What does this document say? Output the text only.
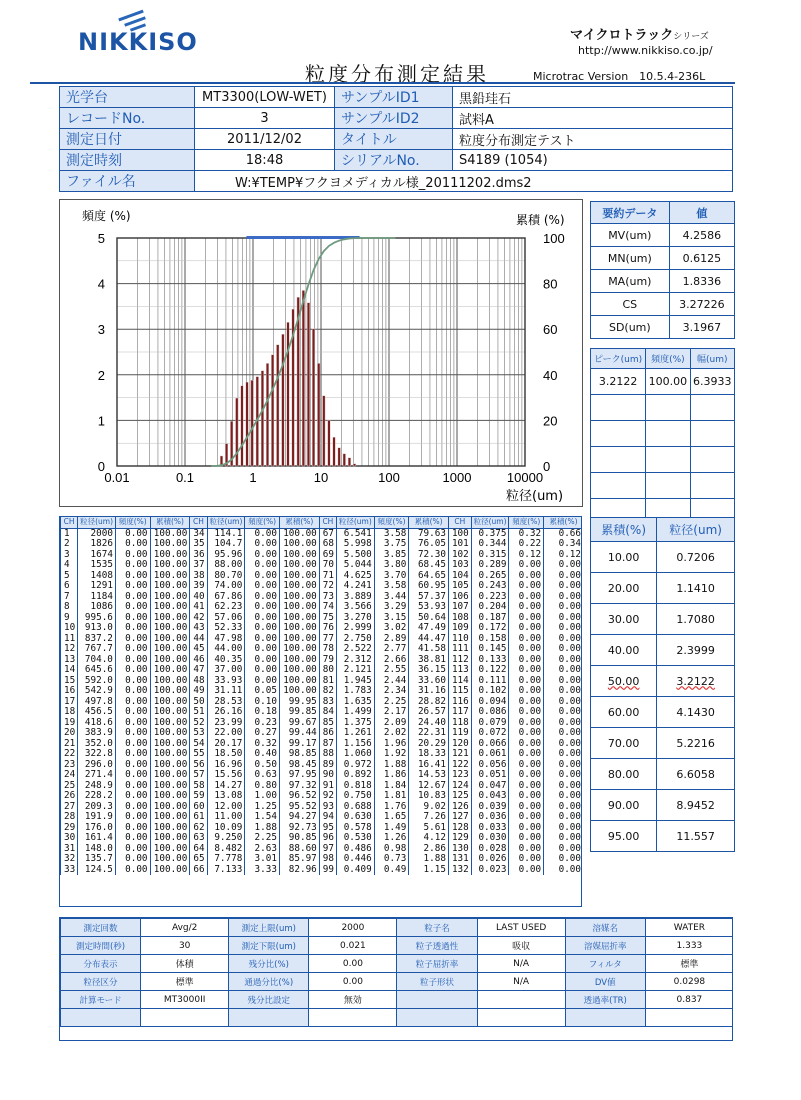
NIKKISO	マイクロトラックシリーズ
http://www.nikkiso.co.jp/
粒度分布測定結果	Microtrac Version　10.5.4-236L
光学台	MT3300(LOW-WET)	サンプルID1	黒鉛珪石
レコードNo.	3	サンプルID2	試料A
測定日付	2011/12/02	タイトル	粒度分布測定テスト
測定時刻	18:48	シリアルNo.	S4189 (1054)
ファイル名	W:¥TEMP¥フクヨメディカル様_20111202.dms2		
0.01	0.1	1	10	100	1000	10000
0
1
2
3
4
5
0
20
40
60
80
100
頻度 (%)	累積 (%)
粒径(um)
要約データ	値
MV(um)	4.2586
MN(um)	0.6125
MA(um)	1.8336
CS	3.27226
SD(um)	3.1967
ピーク(um)	頻度(%)	幅(um)
3.2122	100.00	6.3933

累積(%)	粒径(um)
10.00	0.7206
20.00	1.1410
30.00	1.7080
40.00	2.3999
50.00	3.2122
60.00	4.1430
70.00	5.2216
80.00	6.6058
90.00	8.9452
95.00	11.557
CH	粒径(um)	頻度(%)	累積(%)	CH	粒径(um)	頻度(%)	累積(%)	CH	粒径(um)	頻度(%)	累積(%)	CH	粒径(um)	頻度(%)	累積(%)
1	2000	0.00	100.00	34	114.1	0.00	100.00	67	6.541	3.58	79.63	100	0.375	0.32	0.66
2	1826	0.00	100.00	35	104.7	0.00	100.00	68	5.998	3.75	76.05	101	0.344	0.22	0.34
3	1674	0.00	100.00	36	95.96	0.00	100.00	69	5.500	3.85	72.30	102	0.315	0.12	0.12
4	1535	0.00	100.00	37	88.00	0.00	100.00	70	5.044	3.80	68.45	103	0.289	0.00	0.00
5	1408	0.00	100.00	38	80.70	0.00	100.00	71	4.625	3.70	64.65	104	0.265	0.00	0.00
6	1291	0.00	100.00	39	74.00	0.00	100.00	72	4.241	3.58	60.95	105	0.243	0.00	0.00
7	1184	0.00	100.00	40	67.86	0.00	100.00	73	3.889	3.44	57.37	106	0.223	0.00	0.00
8	1086	0.00	100.00	41	62.23	0.00	100.00	74	3.566	3.29	53.93	107	0.204	0.00	0.00
9	995.6	0.00	100.00	42	57.06	0.00	100.00	75	3.270	3.15	50.64	108	0.187	0.00	0.00
10	913.0	0.00	100.00	43	52.33	0.00	100.00	76	2.999	3.02	47.49	109	0.172	0.00	0.00
11	837.2	0.00	100.00	44	47.98	0.00	100.00	77	2.750	2.89	44.47	110	0.158	0.00	0.00
12	767.7	0.00	100.00	45	44.00	0.00	100.00	78	2.522	2.77	41.58	111	0.145	0.00	0.00
13	704.0	0.00	100.00	46	40.35	0.00	100.00	79	2.312	2.66	38.81	112	0.133	0.00	0.00
14	645.6	0.00	100.00	47	37.00	0.00	100.00	80	2.121	2.55	36.15	113	0.122	0.00	0.00
15	592.0	0.00	100.00	48	33.93	0.00	100.00	81	1.945	2.44	33.60	114	0.111	0.00	0.00
16	542.9	0.00	100.00	49	31.11	0.05	100.00	82	1.783	2.34	31.16	115	0.102	0.00	0.00
17	497.8	0.00	100.00	50	28.53	0.10	99.95	83	1.635	2.25	28.82	116	0.094	0.00	0.00
18	456.5	0.00	100.00	51	26.16	0.18	99.85	84	1.499	2.17	26.57	117	0.086	0.00	0.00
19	418.6	0.00	100.00	52	23.99	0.23	99.67	85	1.375	2.09	24.40	118	0.079	0.00	0.00
20	383.9	0.00	100.00	53	22.00	0.27	99.44	86	1.261	2.02	22.31	119	0.072	0.00	0.00
21	352.0	0.00	100.00	54	20.17	0.32	99.17	87	1.156	1.96	20.29	120	0.066	0.00	0.00
22	322.8	0.00	100.00	55	18.50	0.40	98.85	88	1.060	1.92	18.33	121	0.061	0.00	0.00
23	296.0	0.00	100.00	56	16.96	0.50	98.45	89	0.972	1.88	16.41	122	0.056	0.00	0.00
24	271.4	0.00	100.00	57	15.56	0.63	97.95	90	0.892	1.86	14.53	123	0.051	0.00	0.00
25	248.9	0.00	100.00	58	14.27	0.80	97.32	91	0.818	1.84	12.67	124	0.047	0.00	0.00
26	228.2	0.00	100.00	59	13.08	1.00	96.52	92	0.750	1.81	10.83	125	0.043	0.00	0.00
27	209.3	0.00	100.00	60	12.00	1.25	95.52	93	0.688	1.76	9.02	126	0.039	0.00	0.00
28	191.9	0.00	100.00	61	11.00	1.54	94.27	94	0.630	1.65	7.26	127	0.036	0.00	0.00
29	176.0	0.00	100.00	62	10.09	1.88	92.73	95	0.578	1.49	5.61	128	0.033	0.00	0.00
30	161.4	0.00	100.00	63	9.250	2.25	90.85	96	0.530	1.26	4.12	129	0.030	0.00	0.00
31	148.0	0.00	100.00	64	8.482	2.63	88.60	97	0.486	0.98	2.86	130	0.028	0.00	0.00
32	135.7	0.00	100.00	65	7.778	3.01	85.97	98	0.446	0.73	1.88	131	0.026	0.00	0.00
33	124.5	0.00	100.00	66	7.133	3.33	82.96	99	0.409	0.49	1.15	132	0.023	0.00	0.00
測定回数	Avg/2	測定上限(um)	2000	粒子名	LAST USED	溶媒名	WATER
測定時間(秒)	30	測定下限(um)	0.021	粒子透過性	吸収	溶媒屈折率	1.333
分布表示	体積	残分比(%)	0.00	粒子屈折率	N/A	フィルタ	標準
粒径区分	標準	通過分比(%)	0.00	粒子形状	N/A	DV値	0.0298
計算モード	MT3000II	残分比設定	無効			透過率(TR)	0.837
